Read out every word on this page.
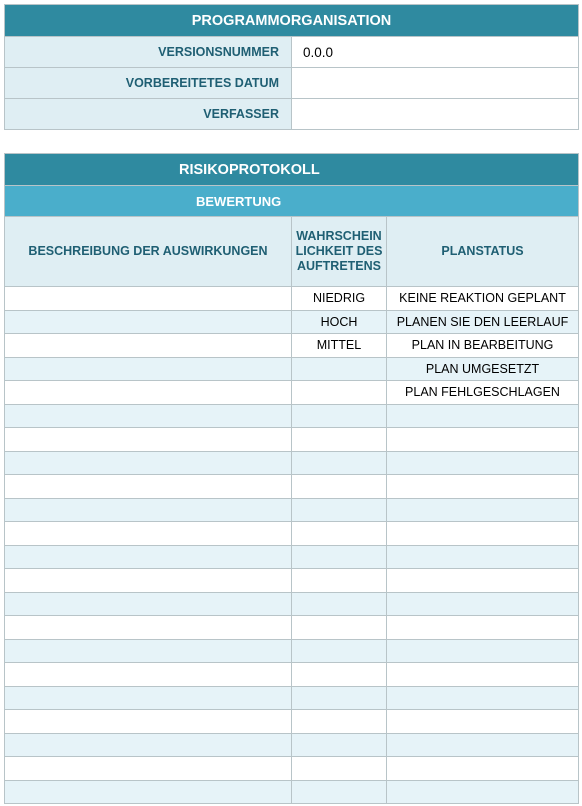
PROGRAMMORGANISATION	
VERSIONSNUMMER	0.0.0
VORBEREITETES DATUM	
VERFASSER	
RISIKOPROTOKOLL		
BEWERTUNG		
BESCHREIBUNG DER AUSWIRKUNGEN	WAHRSCHEINLICHKEIT DES AUFTRETENS	PLANSTATUS
	NIEDRIG	KEINE REAKTION GEPLANT
	HOCH	PLANEN SIE DEN LEERLAUF
	MITTEL	PLAN IN BEARBEITUNG
		PLAN UMGESETZT
		PLAN FEHLGESCHLAGEN
